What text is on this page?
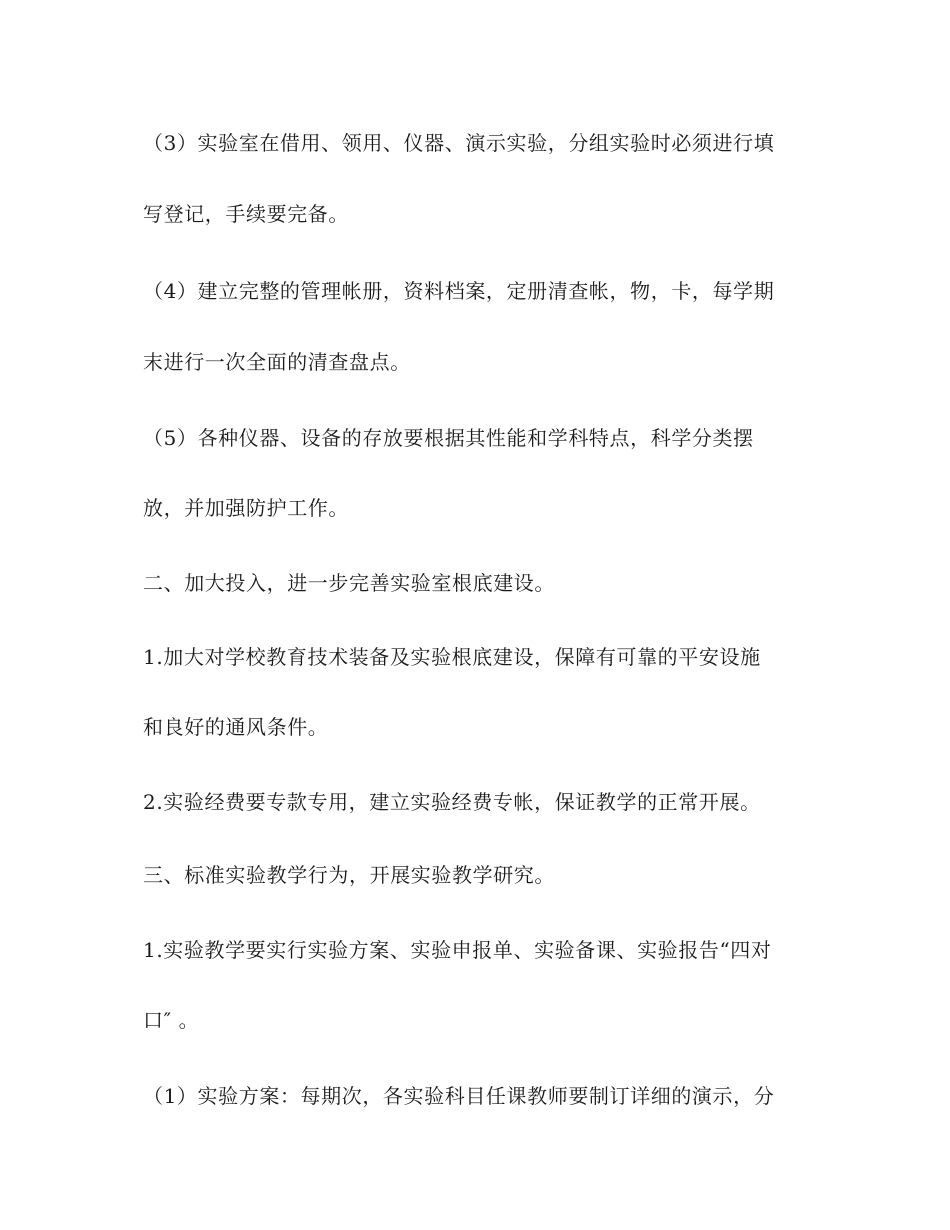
（3）实验室在借用、领用、仪器、演示实验，分组实验时必须进行填
写登记，手续要完备。
（4）建立完整的管理帐册，资料档案，定册清查帐，物，卡，每学期
末进行一次全面的清查盘点。
（5）各种仪器、设备的存放要根据其性能和学科特点，科学分类摆
放，并加强防护工作。
二、加大投入，进一步完善实验室根底建设。
1.加大对学校教育技术装备及实验根底建设，保障有可靠的平安设施
和良好的通风条件。
2.实验经费要专款专用，建立实验经费专帐，保证教学的正常开展。
三、标准实验教学行为，开展实验教学研究。
1.实验教学要实行实验方案、实验申报单、实验备课、实验报告“四对
口″ 。
（1）实验方案：每期次，各实验科目任课教师要制订详细的演示，分
